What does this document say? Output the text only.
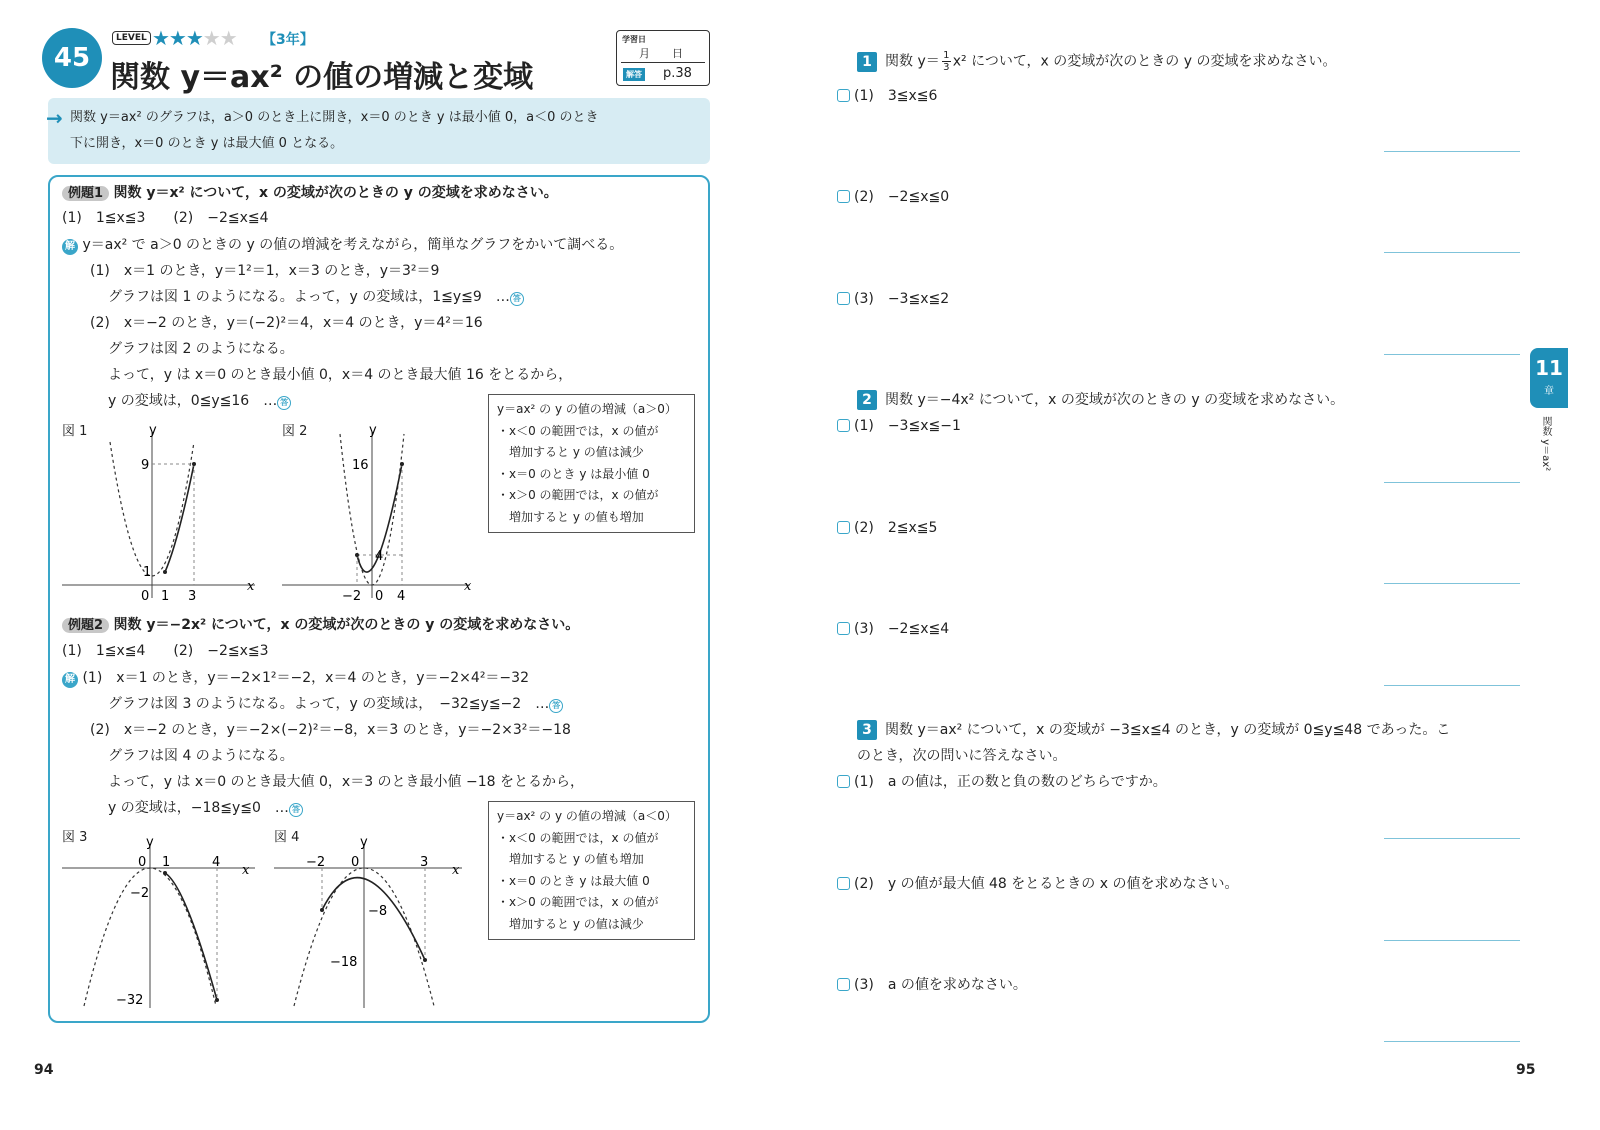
45
LEVEL ★★★★★ 【3年】
関数 y＝ax² の値の増減と変域
学習日
月　　日
解答 p.38
→ 関数 y＝ax² のグラフは，a＞0 のとき上に開き，x＝0 のとき y は最小値 0，a＜0 のとき
下に開き，x＝0 のとき y は最大値 0 となる。
例題1 関数 y＝x² について，x の変域が次のときの y の変域を求めなさい。
(1)　1≦x≦3　　(2)　−2≦x≦4
解 y＝ax² で a＞0 のときの y の値の増減を考えながら，簡単なグラフをかいて調べる。
(1)　x＝1 のとき，y＝1²＝1，x＝3 のとき，y＝3²＝9
グラフは図 1 のようになる。よって，y の変域は，1≦y≦9　… 答
(2)　x＝−2 のとき，y＝(−2)²＝4，x＝4 のとき，y＝4²＝16
グラフは図 2 のようになる。
よって，y は x＝0 のとき最小値 0，x＝4 のとき最大値 16 をとるから，
y の変域は，0≦y≦16　… 答	y＝ax² の y の値の増減（a＞0）
・x＜0 の範囲では，x の値が
増加すると y の値は減少
・x＝0 のとき y は最小値 0
・x＞0 の範囲では，x の値が
増加すると y の値も増加
図 1	y
x
9
1
0 1 3
図 2	y
x
16
4
−2 0 4
例題2 関数 y＝−2x² について，x の変域が次のときの y の変域を求めなさい。
(1)　1≦x≦4　　(2)　−2≦x≦3
解 (1)　x＝1 のとき，y＝−2×1²＝−2，x＝4 のとき，y＝−2×4²＝−32
グラフは図 3 のようになる。よって，y の変域は，　−32≦y≦−2　… 答
(2)　x＝−2 のとき，y＝−2×(−2)²＝−8，x＝3 のとき，y＝−2×3²＝−18
グラフは図 4 のようになる。
よって，y は x＝0 のとき最大値 0，x＝3 のとき最小値 −18 をとるから，
y の変域は，−18≦y≦0　… 答	y＝ax² の y の値の増減（a＜0）
・x＜0 の範囲では，x の値が
増加すると y の値も増加
・x＝0 のとき y は最大値 0
・x＞0 の範囲では，x の値が
増加すると y の値は減少
図 3	y
x
0 1	4
−2
−32
図 4	y
x
−2 0	3
−8
−18
94
1 関数 $y= \frac{1}{3} x^2$ について，x の変域が次のときの y の変域を求めなさい。
(1)　3≦x≦6
(2)　−2≦x≦0
(3)　−3≦x≦2
2 関数 y＝−4x² について，x の変域が次のときの y の変域を求めなさい。
(1)　−3≦x≦−1
(2)　2≦x≦5
(3)　−2≦x≦4
3 関数 y＝ax² について，x の変域が −3≦x≦4 のとき，y の変域が 0≦y≦48 であった。こ
のとき，次の問いに答えなさい。
(1)　a の値は，正の数と負の数のどちらですか。
(2)　y の値が最大値 48 をとるときの x の値を求めなさい。
(3)　a の値を求めなさい。
11
章
関数 y＝ax²
95
